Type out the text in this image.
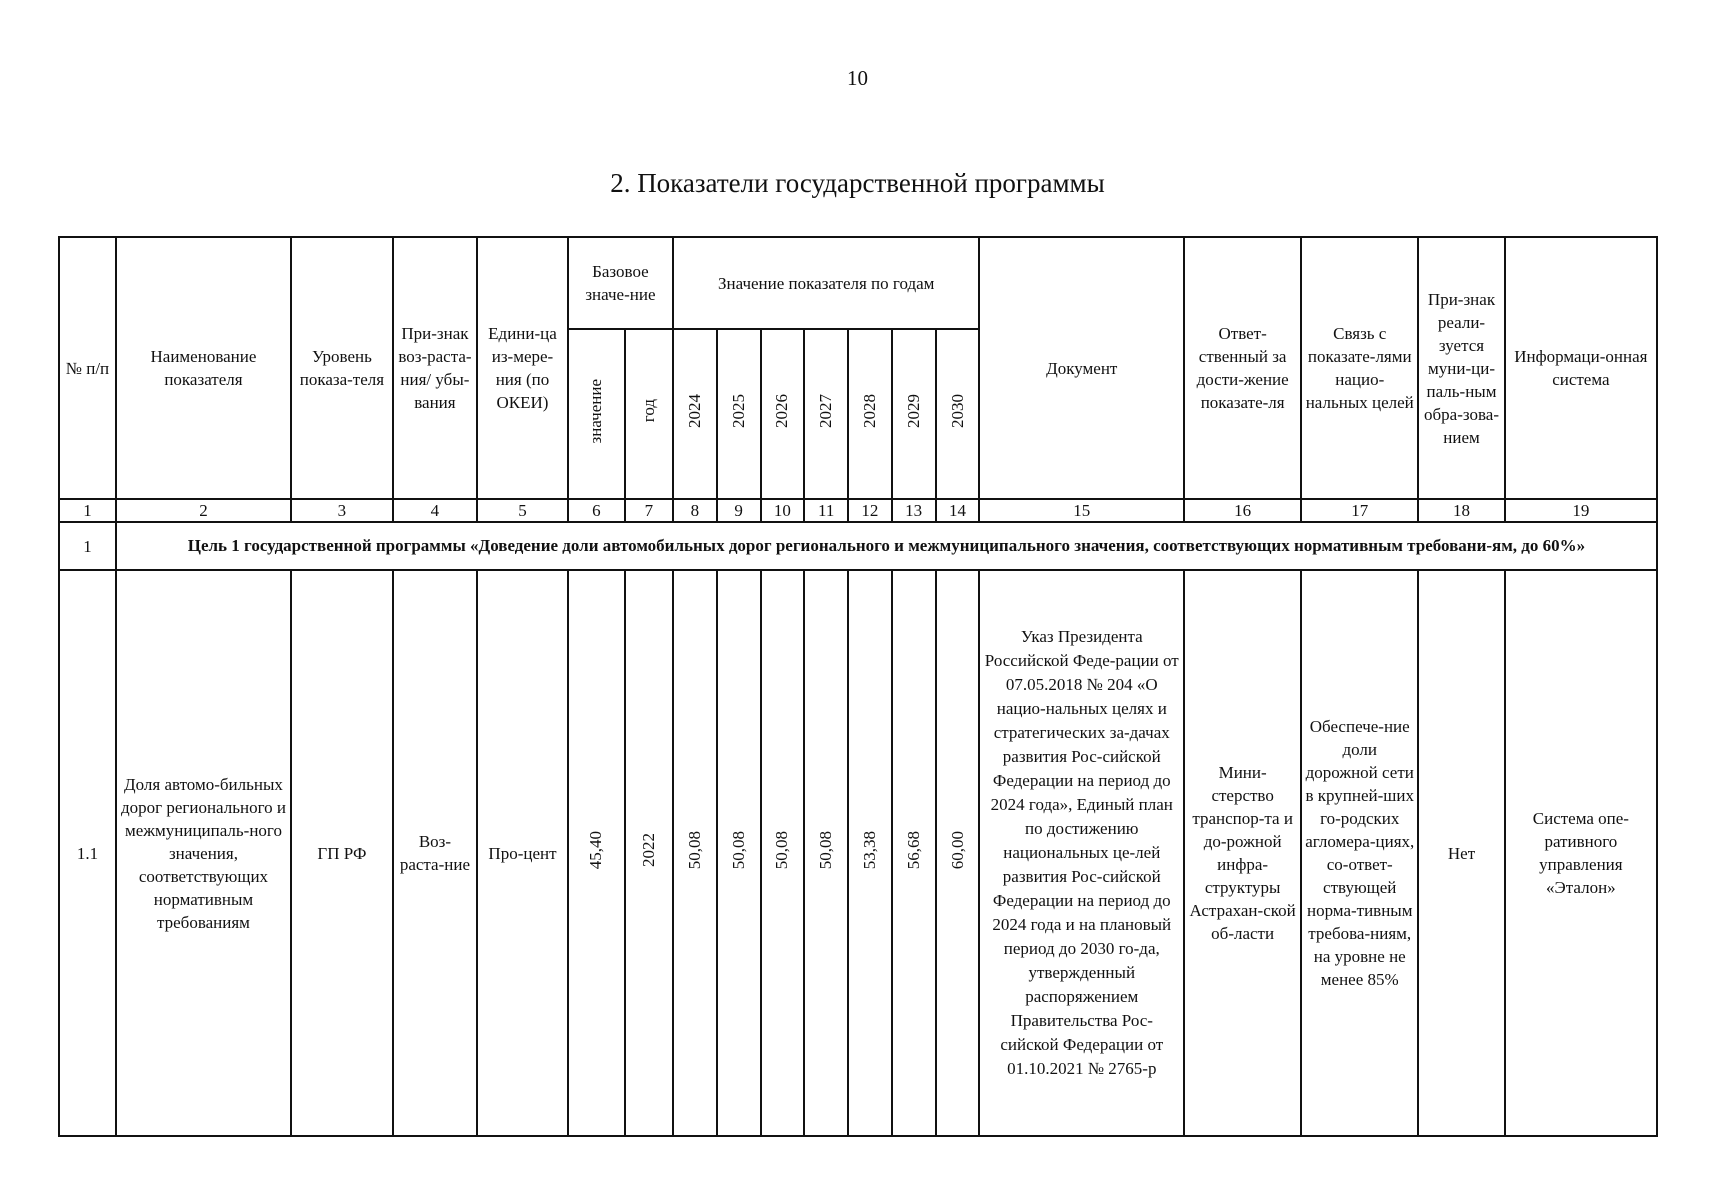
10
2. Показатели государственной программы
№ п/п	Наименование показателя	Уровень показа-теля	При-знак воз-раста-ния/ убы-вания	Едини-ца из-мере-ния (по ОКЕИ)	Базовое значе-ние		Значение показателя по годам							Документ	Ответ-ственный за дости-жение показате-ля	Связь с показате-лями нацио-нальных целей	При-знак реали-зуется муни-ци-паль-ным обра-зова-нием	Информаци-онная система
					значение	год	2024	2025	2026	2027	2028	2029	2030					
1	2	3	4	5	6	7	8	9	10	11	12	13	14	15	16	17	18	19
1	Цель 1 государственной программы «Доведение доли автомобильных дорог регионального и межмуниципального значения, соответствующих нормативным требовани-ям, до 60%»																	
1.1	Доля автомо-бильных дорог регионального и межмуниципаль-ного значения, соответствующих нормативным требованиям	ГП РФ	Воз-раста-ние	Про-цент	45,40	2022	50,08	50,08	50,08	50,08	53,38	56,68	60,00	Указ Президента Российской Феде-рации от 07.05.2018 № 204 «О нацио-нальных целях и стратегических за-дачах развития Рос-сийской Федерации на период до 2024 года», Единый план по достижению национальных це-лей развития Рос-сийской Федерации на период до 2024 года и на плановый период до 2030 го-да, утвержденный распоряжением Правительства Рос-сийской Федерации от 01.10.2021 № 2765-р	Мини-стерство транспор-та и до-рожной инфра-структуры Астрахан-ской об-ласти	Обеспече-ние доли дорожной сети в крупней-ших го-родских агломера-циях, со-ответ-ствующей норма-тивным требова-ниям, на уровне не менее 85%	Нет	Система опе-ративного управления «Эталон»
